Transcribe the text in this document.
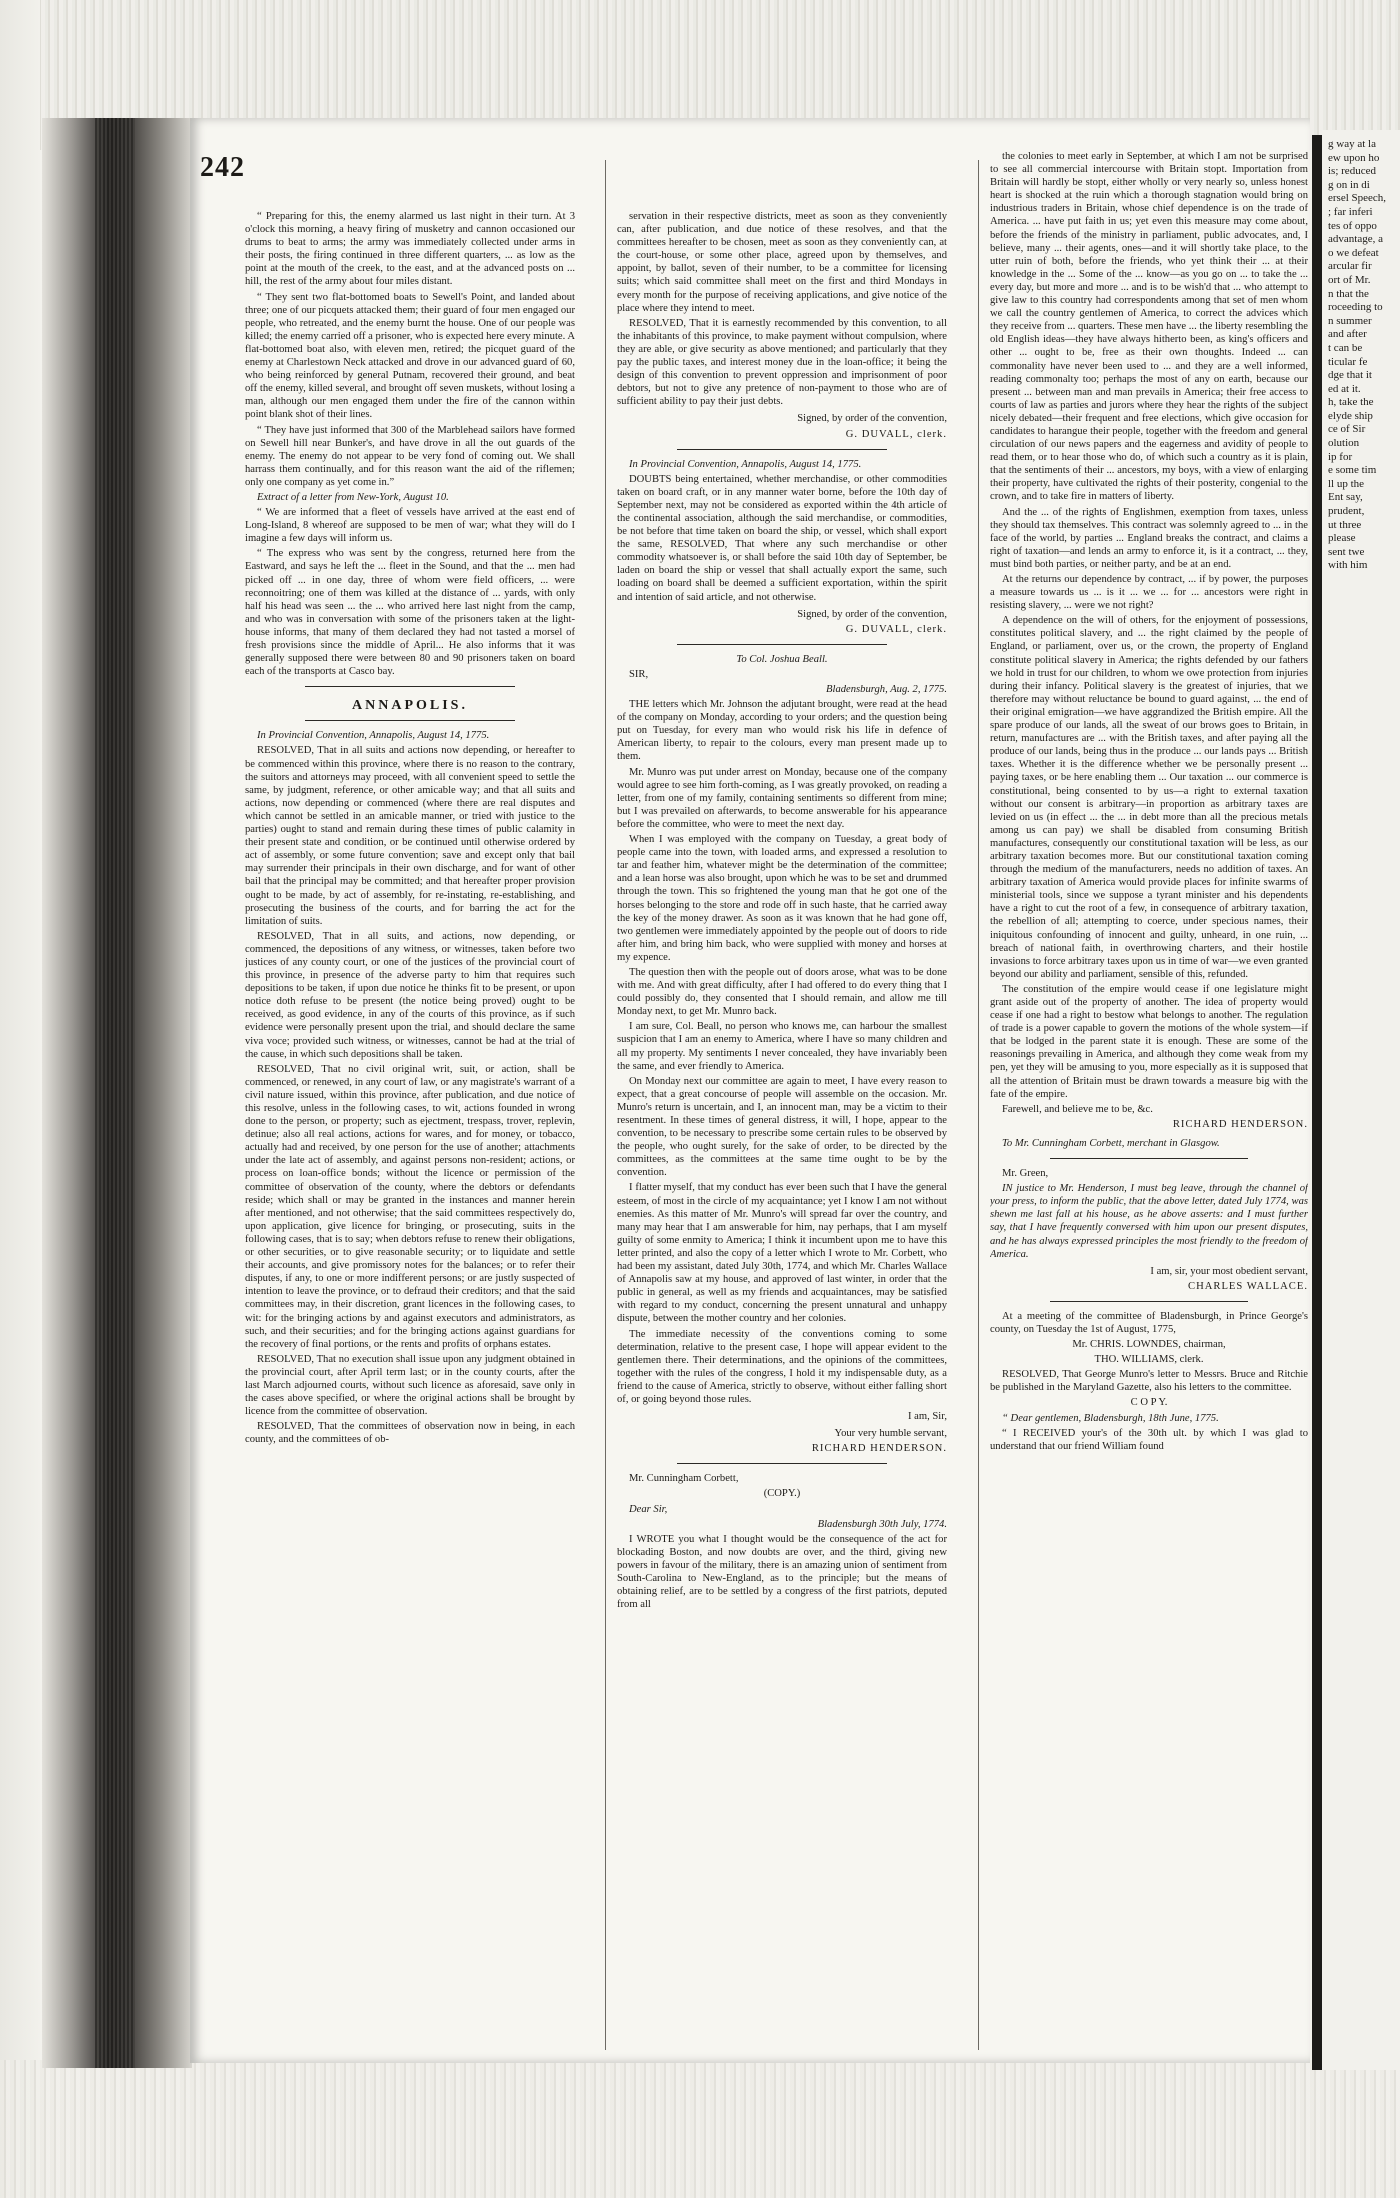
242

“ Preparing for this, the enemy alarmed us last night in their turn. At 3 o'clock this morning, a heavy firing of musketry and cannon occasioned our drums to beat to arms; the army was immediately collected under arms in their posts, the firing continued in three different quarters, ... as low as the point at the mouth of the creek, to the east, and at the advanced posts on ... hill, the rest of the army about four miles distant.

“ They sent two flat-bottomed boats to Sewell's Point, and landed about three; one of our picquets attacked them; their guard of four men engaged our people, who retreated, and the enemy burnt the house. One of our people was killed; the enemy carried off a prisoner, who is expected here every minute. A flat-bottomed boat also, with eleven men, retired; the picquet guard of the enemy at Charlestown Neck attacked and drove in our advanced guard of 60, who being reinforced by general Putnam, recovered their ground, and beat off the enemy, killed several, and brought off seven muskets, without losing a man, although our men engaged them under the fire of the cannon within point blank shot of their lines.

“ They have just informed that 300 of the Marblehead sailors have formed on Sewell hill near Bunker's, and have drove in all the out guards of the enemy. The enemy do not appear to be very fond of coming out. We shall harrass them continually, and for this reason want the aid of the riflemen; only one company as yet come in.”

Extract of a letter from New-York, August 10.

“ We are informed that a fleet of vessels have arrived at the east end of Long-Island, 8 whereof are supposed to be men of war; what they will do I imagine a few days will inform us.

“ The express who was sent by the congress, returned here from the Eastward, and says he left the ... fleet in the Sound, and that the ... men had picked off ... in one day, three of whom were field officers, ... were reconnoitring; one of them was killed at the distance of ... yards, with only half his head was seen ... the ... who arrived here last night from the camp, and who was in conversation with some of the prisoners taken at the light-house informs, that many of them declared they had not tasted a morsel of fresh provisions since the middle of April... He also informs that it was generally supposed there were between 80 and 90 prisoners taken on board each of the transports at Casco bay.

ANNAPOLIS.

In Provincial Convention, Annapolis, August 14, 1775.

RESOLVED, That in all suits and actions now depending, or hereafter to be commenced within this province, where there is no reason to the contrary, the suitors and attorneys may proceed, with all convenient speed to settle the same, by judgment, reference, or other amicable way; and that all suits and actions, now depending or commenced (where there are real disputes and which cannot be settled in an amicable manner, or tried with justice to the parties) ought to stand and remain during these times of public calamity in their present state and condition, or be continued until otherwise ordered by act of assembly, or some future convention; save and except only that bail may surrender their principals in their own discharge, and for want of other bail that the principal may be committed; and that hereafter proper provision ought to be made, by act of assembly, for re-instating, re-establishing, and prosecuting the business of the courts, and for barring the act for the limitation of suits.

RESOLVED, That in all suits, and actions, now depending, or commenced, the depositions of any witness, or witnesses, taken before two justices of any county court, or one of the justices of the provincial court of this province, in presence of the adverse party to him that requires such depositions to be taken, if upon due notice he thinks fit to be present, or upon notice doth refuse to be present (the notice being proved) ought to be received, as good evidence, in any of the courts of this province, as if such evidence were personally present upon the trial, and should declare the same viva voce; provided such witness, or witnesses, cannot be had at the trial of the cause, in which such depositions shall be taken.

RESOLVED, That no civil original writ, suit, or action, shall be commenced, or renewed, in any court of law, or any magistrate's warrant of a civil nature issued, within this province, after publication, and due notice of this resolve, unless in the following cases, to wit, actions founded in wrong done to the person, or property; such as ejectment, trespass, trover, replevin, detinue; also all real actions, actions for wares, and for money, or tobacco, actually had and received, by one person for the use of another; attachments under the late act of assembly, and against persons non-resident; actions, or process on loan-office bonds; without the licence or permission of the committee of observation of the county, where the debtors or defendants reside; which shall or may be granted in the instances and manner herein after mentioned, and not otherwise; that the said committees respectively do, upon application, give licence for bringing, or prosecuting, suits in the following cases, that is to say; when debtors refuse to renew their obligations, or other securities, or to give reasonable security; or to liquidate and settle their accounts, and give promissory notes for the balances; or to refer their disputes, if any, to one or more indifferent persons; or are justly suspected of intention to leave the province, or to defraud their creditors; and that the said committees may, in their discretion, grant licences in the following cases, to wit: for the bringing actions by and against executors and administrators, as such, and their securities; and for the bringing actions against guardians for the recovery of final portions, or the rents and profits of orphans estates.

RESOLVED, That no execution shall issue upon any judgment obtained in the provincial court, after April term last; or in the county courts, after the last March adjourned courts, without such licence as aforesaid, save only in the cases above specified, or where the original actions shall be brought by licence from the committee of observation.

RESOLVED, That the committees of observation now in being, in each county, and the committees of ob-

servation in their respective districts, meet as soon as they conveniently can, after publication, and due notice of these resolves, and that the committees hereafter to be chosen, meet as soon as they conveniently can, at the court-house, or some other place, agreed upon by themselves, and appoint, by ballot, seven of their number, to be a committee for licensing suits; which said committee shall meet on the first and third Mondays in every month for the purpose of receiving applications, and give notice of the place where they intend to meet.

RESOLVED, That it is earnestly recommended by this convention, to all the inhabitants of this province, to make payment without compulsion, where they are able, or give security as above mentioned; and particularly that they pay the public taxes, and interest money due in the loan-office; it being the design of this convention to prevent oppression and imprisonment of poor debtors, but not to give any pretence of non-payment to those who are of sufficient ability to pay their just debts.

Signed, by order of the convention,
G. DUVALL, clerk.

In Provincial Convention, Annapolis, August 14, 1775.

DOUBTS being entertained, whether merchandise, or other commodities taken on board craft, or in any manner water borne, before the 10th day of September next, may not be considered as exported within the 4th article of the continental association, although the said merchandise, or commodities, be not before that time taken on board the ship, or vessel, which shall export the same, RESOLVED, That where any such merchandise or other commodity whatsoever is, or shall before the said 10th day of September, be laden on board the ship or vessel that shall actually export the same, such loading on board shall be deemed a sufficient exportation, within the spirit and intention of said article, and not otherwise.

Signed, by order of the convention,
G. DUVALL, clerk.

To Col. Joshua Beall.

SIR,

Bladensburgh, Aug. 2, 1775.

THE letters which Mr. Johnson the adjutant brought, were read at the head of the company on Monday, according to your orders; and the question being put on Tuesday, for every man who would risk his life in defence of American liberty, to repair to the colours, every man present made up to them.

Mr. Munro was put under arrest on Monday, because one of the company would agree to see him forth-coming, as I was greatly provoked, on reading a letter, from one of my family, containing sentiments so different from mine; but I was prevailed on afterwards, to become answerable for his appearance before the committee, who were to meet the next day.

When I was employed with the company on Tuesday, a great body of people came into the town, with loaded arms, and expressed a resolution to tar and feather him, whatever might be the determination of the committee; and a lean horse was also brought, upon which he was to be set and drummed through the town. This so frightened the young man that he got one of the horses belonging to the store and rode off in such haste, that he carried away the key of the money drawer. As soon as it was known that he had gone off, two gentlemen were immediately appointed by the people out of doors to ride after him, and bring him back, who were supplied with money and horses at my expence.

The question then with the people out of doors arose, what was to be done with me. And with great difficulty, after I had offered to do every thing that I could possibly do, they consented that I should remain, and allow me till Monday next, to get Mr. Munro back.

I am sure, Col. Beall, no person who knows me, can harbour the smallest suspicion that I am an enemy to America, where I have so many children and all my property. My sentiments I never concealed, they have invariably been the same, and ever friendly to America.

On Monday next our committee are again to meet, I have every reason to expect, that a great concourse of people will assemble on the occasion. Mr. Munro's return is uncertain, and I, an innocent man, may be a victim to their resentment. In these times of general distress, it will, I hope, appear to the convention, to be necessary to prescribe some certain rules to be observed by the people, who ought surely, for the sake of order, to be directed by the committees, as the committees at the same time ought to be by the convention.

I flatter myself, that my conduct has ever been such that I have the general esteem, of most in the circle of my acquaintance; yet I know I am not without enemies. As this matter of Mr. Munro's will spread far over the country, and many may hear that I am answerable for him, nay perhaps, that I am myself guilty of some enmity to America; I think it incumbent upon me to have this letter printed, and also the copy of a letter which I wrote to Mr. Corbett, who had been my assistant, dated July 30th, 1774, and which Mr. Charles Wallace of Annapolis saw at my house, and approved of last winter, in order that the public in general, as well as my friends and acquaintances, may be satisfied with regard to my conduct, concerning the present unnatural and unhappy dispute, between the mother country and her colonies.

The immediate necessity of the conventions coming to some determination, relative to the present case, I hope will appear evident to the gentlemen there. Their determinations, and the opinions of the committees, together with the rules of the congress, I hold it my indispensable duty, as a friend to the cause of America, strictly to observe, without either falling short of, or going beyond those rules.

I am, Sir,
Your very humble servant,
RICHARD HENDERSON.

Mr. Cunningham Corbett,

(COPY.)

Dear Sir,

Bladensburgh 30th July, 1774.

I WROTE you what I thought would be the consequence of the act for blockading Boston, and now doubts are over, and the third, giving new powers in favour of the military, there is an amazing union of sentiment from South-Carolina to New-England, as to the principle; but the means of obtaining relief, are to be settled by a congress of the first patriots, deputed from all

the colonies to meet early in September, at which I am not be surprised to see all commercial intercourse with Britain stopt. Importation from Britain will hardly be stopt, either wholly or very nearly so, unless honest heart is shocked at the ruin which a thorough stagnation would bring on industrious traders in Britain, whose chief dependence is on the trade of America. ... have put faith in us; yet even this measure may come about, before the friends of the ministry in parliament, public advocates, and, I believe, many ... their agents, ones—and it will shortly take place, to the utter ruin of both, before the friends, who yet think their ... at their knowledge in the ... Some of the ... know—as you go on ... to take the ... every day, but more and more ... and is to be wish'd that ... who attempt to give law to this country had correspondents among that set of men whom we call the country gentlemen of America, to correct the advices which they receive from ... quarters. These men have ... the liberty resembling the old English ideas—they have always hitherto been, as king's officers and other ... ought to be, free as their own thoughts. Indeed ... can commonality have never been used to ... and they are a well informed, reading commonalty too; perhaps the most of any on earth, because our present ... between man and man prevails in America; their free access to courts of law as parties and jurors where they hear the rights of the subject nicely debated—their frequent and free elections, which give occasion for candidates to harangue their people, together with the freedom and general circulation of our news papers and the eagerness and avidity of people to read them, or to hear those who do, of which such a country as it is plain, that the sentiments of their ... ancestors, my boys, with a view of enlarging their property, have cultivated the rights of their posterity, congenial to the crown, and to take fire in matters of liberty.

And the ... of the rights of Englishmen, exemption from taxes, unless they should tax themselves. This contract was solemnly agreed to ... in the face of the world, by parties ... England breaks the contract, and claims a right of taxation—and lends an army to enforce it, is it a contract, ... they, must bind both parties, or neither party, and be at an end.

At the returns our dependence by contract, ... if by power, the purposes a measure towards us ... is it ... we ... for ... ancestors were right in resisting slavery, ... were we not right?

A dependence on the will of others, for the enjoyment of possessions, constitutes political slavery, and ... the right claimed by the people of England, or parliament, over us, or the crown, the property of England constitute political slavery in America; the rights defended by our fathers we hold in trust for our children, to whom we owe protection from injuries during their infancy. Political slavery is the greatest of injuries, that we therefore may without reluctance be bound to guard against, ... the end of their original emigration—we have aggrandized the British empire. All the spare produce of our lands, all the sweat of our brows goes to Britain, in return, manufactures are ... with the British taxes, and after paying all the produce of our lands, being thus in the produce ... our lands pays ... British taxes. Whether it is the difference whether we be personally present ... paying taxes, or be here enabling them ... Our taxation ... our commerce is constitutional, being consented to by us—a right to external taxation without our consent is arbitrary—in proportion as arbitrary taxes are levied on us (in effect ... the ... in debt more than all the precious metals among us can pay) we shall be disabled from consuming British manufactures, consequently our constitutional taxation will be less, as our arbitrary taxation becomes more. But our constitutional taxation coming through the medium of the manufacturers, needs no addition of taxes. An arbitrary taxation of America would provide places for infinite swarms of ministerial tools, since we suppose a tyrant minister and his dependents have a right to cut the root of a few, in consequence of arbitrary taxation, the rebellion of all; attempting to coerce, under specious names, their iniquitous confounding of innocent and guilty, unheard, in one ruin, ... breach of national faith, in overthrowing charters, and their hostile invasions to force arbitrary taxes upon us in time of war—we even granted beyond our ability and parliament, sensible of this, refunded.

The constitution of the empire would cease if one legislature might grant aside out of the property of another. The idea of property would cease if one had a right to bestow what belongs to another. The regulation of trade is a power capable to govern the motions of the whole system—if that be lodged in the parent state it is enough. These are some of the reasonings prevailing in America, and although they come weak from my pen, yet they will be amusing to you, more especially as it is supposed that all the attention of Britain must be drawn towards a measure big with the fate of the empire.

Farewell, and believe me to be, &c.

RICHARD HENDERSON.

To Mr. Cunningham Corbett, merchant in Glasgow.

Mr. Green,

IN justice to Mr. Henderson, I must beg leave, through the channel of your press, to inform the public, that the above letter, dated July 1774, was shewn me last fall at his house, as he above asserts: and I must further say, that I have frequently conversed with him upon our present disputes, and he has always expressed principles the most friendly to the freedom of America.

I am, sir, your most obedient servant,
CHARLES WALLACE.

At a meeting of the committee of Bladensburgh, in Prince George's county, on Tuesday the 1st of August, 1775,

Mr. CHRIS. LOWNDES, chairman,

THO. WILLIAMS, clerk.

RESOLVED, That George Munro's letter to Messrs. Bruce and Ritchie be published in the Maryland Gazette, also his letters to the committee.

C O P Y.

“ Dear gentlemen, Bladensburgh, 18th June, 1775.

“ I RECEIVED your's of the 30th ult. by which I was glad to understand that our friend William found

g way at la
ew upon ho
is; reduced
g on in di
ersel Speech,
; far inferi
tes of oppo
advantage, a
o we defeat
arcular fir
ort of Mr.
n that the
roceeding to
n summer
and after
t can be
ticular fe
dge that it
ed at it.
h, take the
elyde ship
ce of Sir
olution
ip for
e some tim
ll up the
Ent say,
prudent,
ut three
please
sent twe
with him
